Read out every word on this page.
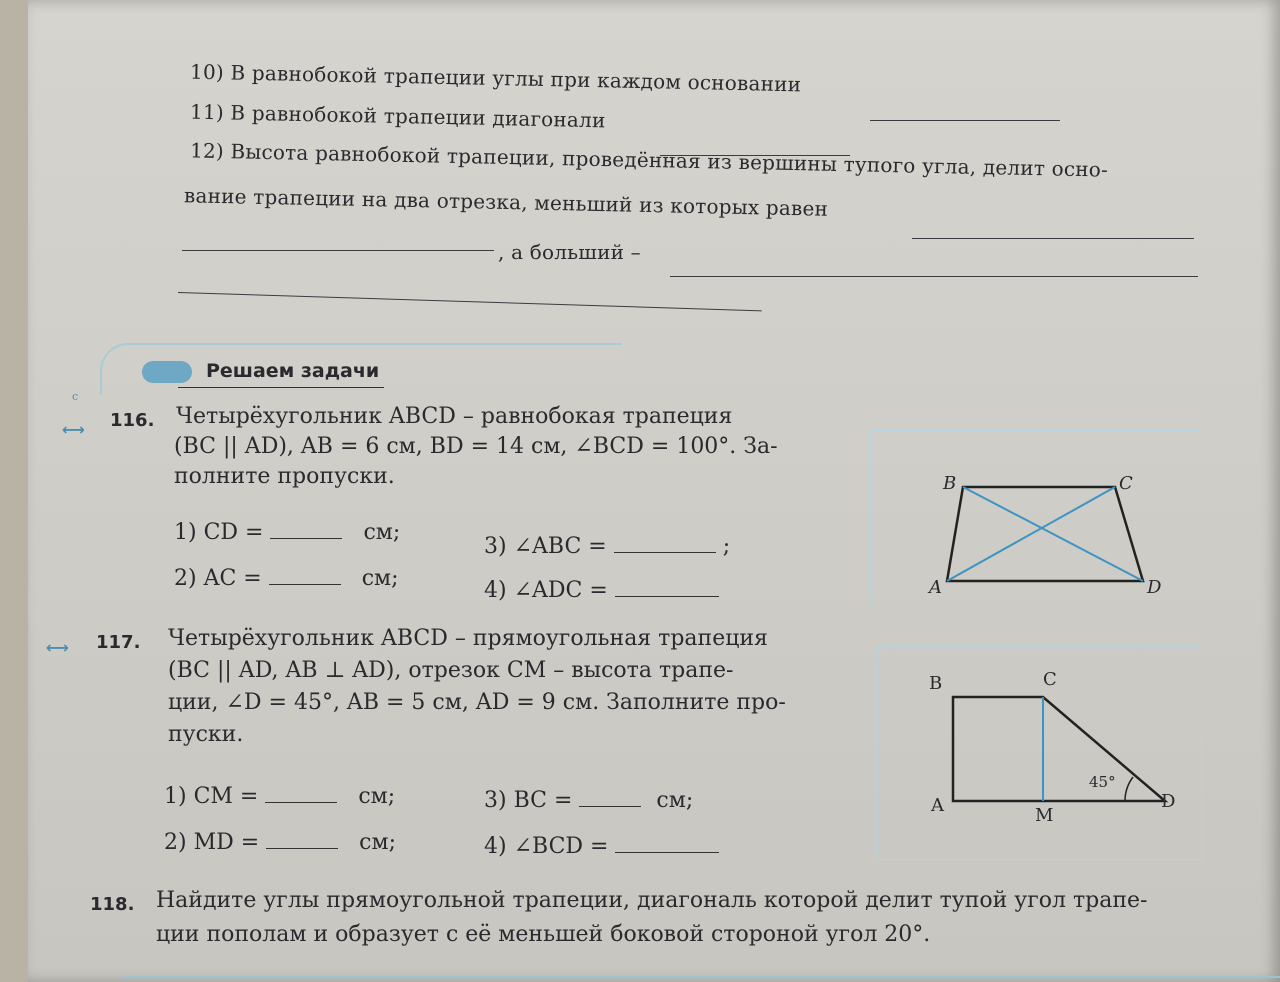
10) В равнобокой трапеции углы при каждом основании
11) В равнобокой трапеции диагонали
12) Высота равнобокой трапеции, проведённая из вершины тупого угла, делит осно-
вание трапеции на два отрезка, меньший из которых равен
, а больший –
Решаем задачи
c
⟷ 116. Четырёхугольник ABCD – равнобокая трапеция
(BC || AD), AB = 6 см, BD = 14 см, ∠BCD = 100°. За-
полните пропуски.
1) CD =	см;
2) AC =	см;
3) ∠ABC =	;
4) ∠ADC =
B	C
A	D
⟷ 117. Четырёхугольник ABCD – прямоугольная трапеция
(BC || AD, AB ⊥ AD), отрезок CM – высота трапе-
ции, ∠D = 45°, AB = 5 см, AD = 9 см. Заполните про-
пуски.
1) CM =	см;
2) MD =	см;
3) BC =	см;
4) ∠BCD =
B	C
A	D
M
45°
118. Найдите углы прямоугольной трапеции, диагональ которой делит тупой угол трапе-
ции пополам и образует с её меньшей боковой стороной угол 20°.
